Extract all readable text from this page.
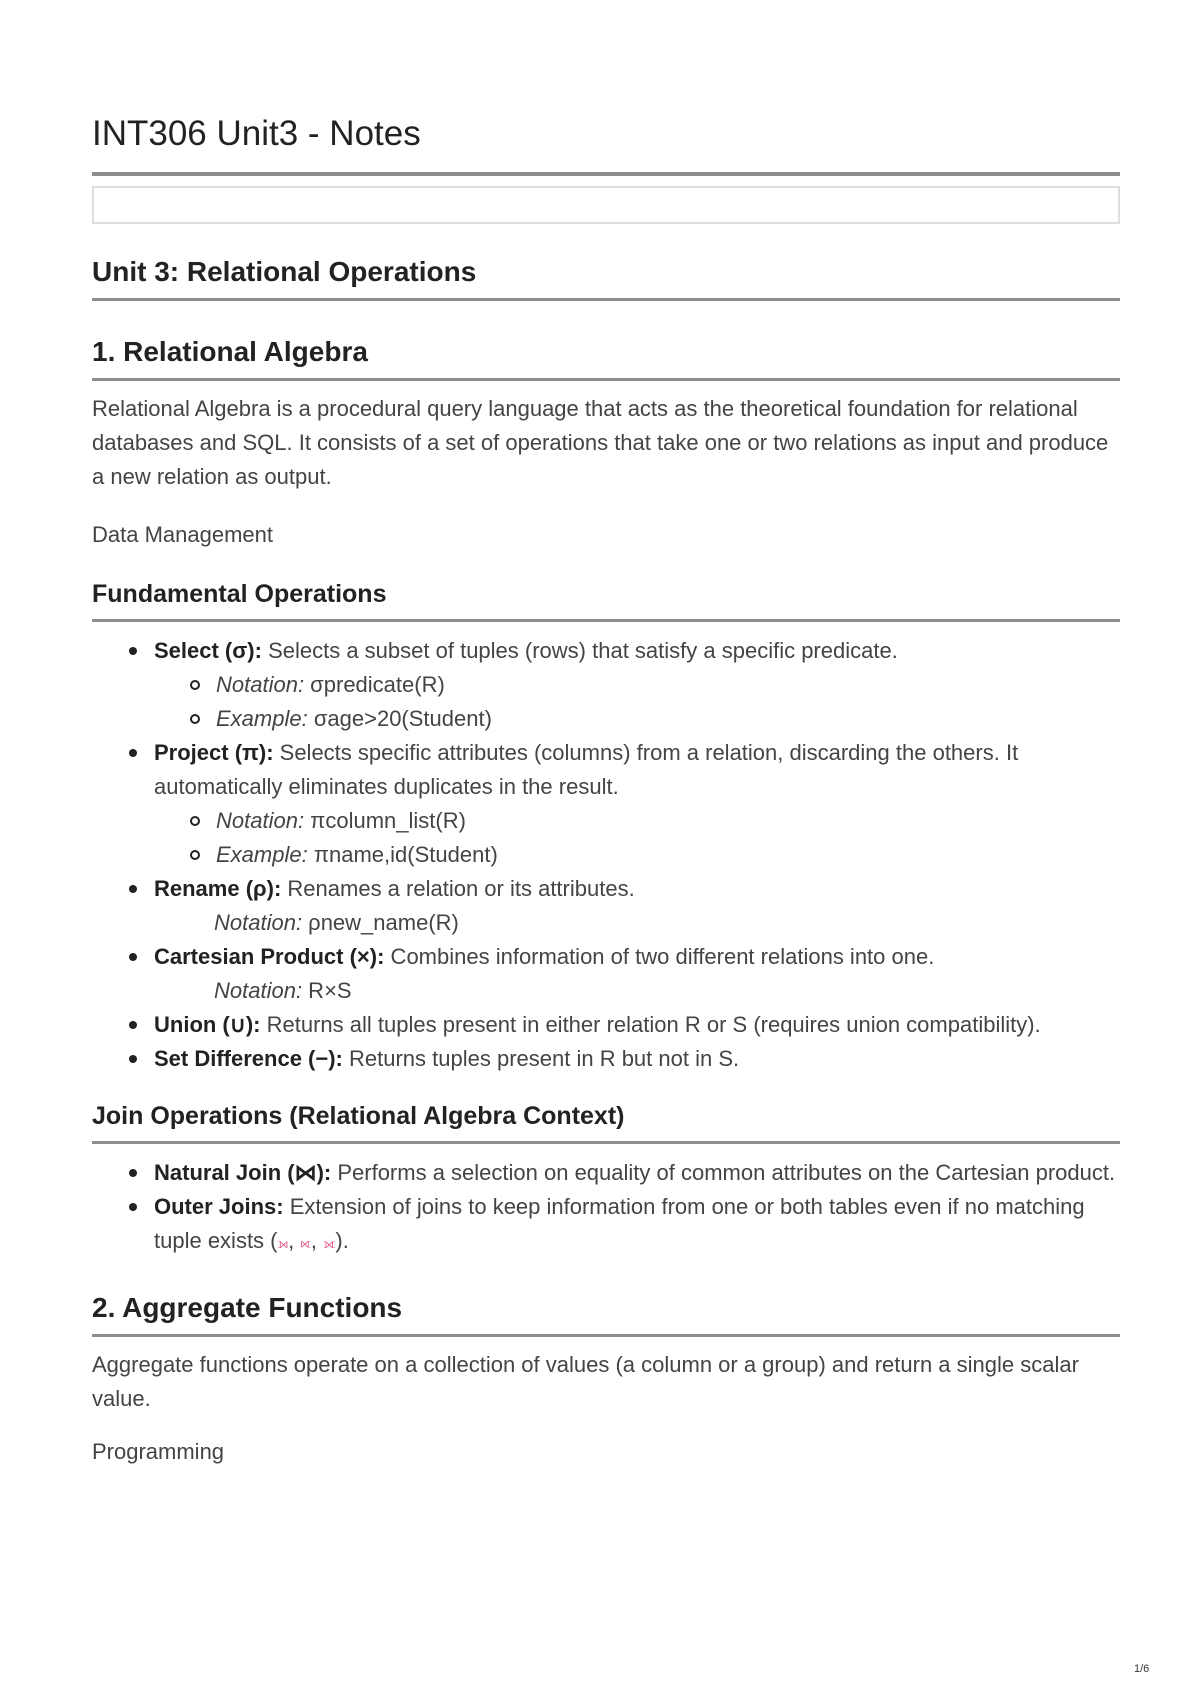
INT306 Unit3 - Notes
Unit 3: Relational Operations
1. Relational Algebra

Relational Algebra is a procedural query language that acts as the theoretical foundation for relational databases and SQL. It consists of a set of operations that take one or two relations as input and produce a new relation as output.

Data Management

Fundamental Operations
Select (σ): Selects a subset of tuples (rows) that satisfy a specific predicate.
Notation: σpredicate(R)
Example: σage>20(Student)
Project (π): Selects specific attributes (columns) from a relation, discarding the others. It automatically eliminates duplicates in the result.
Notation: πcolumn_list(R)
Example: πname,id(Student)
Rename (ρ): Renames a relation or its attributes.
Notation: ρnew_name(R)
Cartesian Product (×): Combines information of two different relations into one.
Notation: R×S
Union (∪): Returns all tuples present in either relation R or S (requires union compatibility).
Set Difference (−): Returns tuples present in R but not in S.
Join Operations (Relational Algebra Context)
Natural Join (⋈): Performs a selection on equality of common attributes on the Cartesian product.
Outer Joins: Extension of joins to keep information from one or both tables even if no matching tuple exists (⟕, ⟖, ⟗).
2. Aggregate Functions

Aggregate functions operate on a collection of values (a column or a group) and return a single scalar value.

Programming

1/6
